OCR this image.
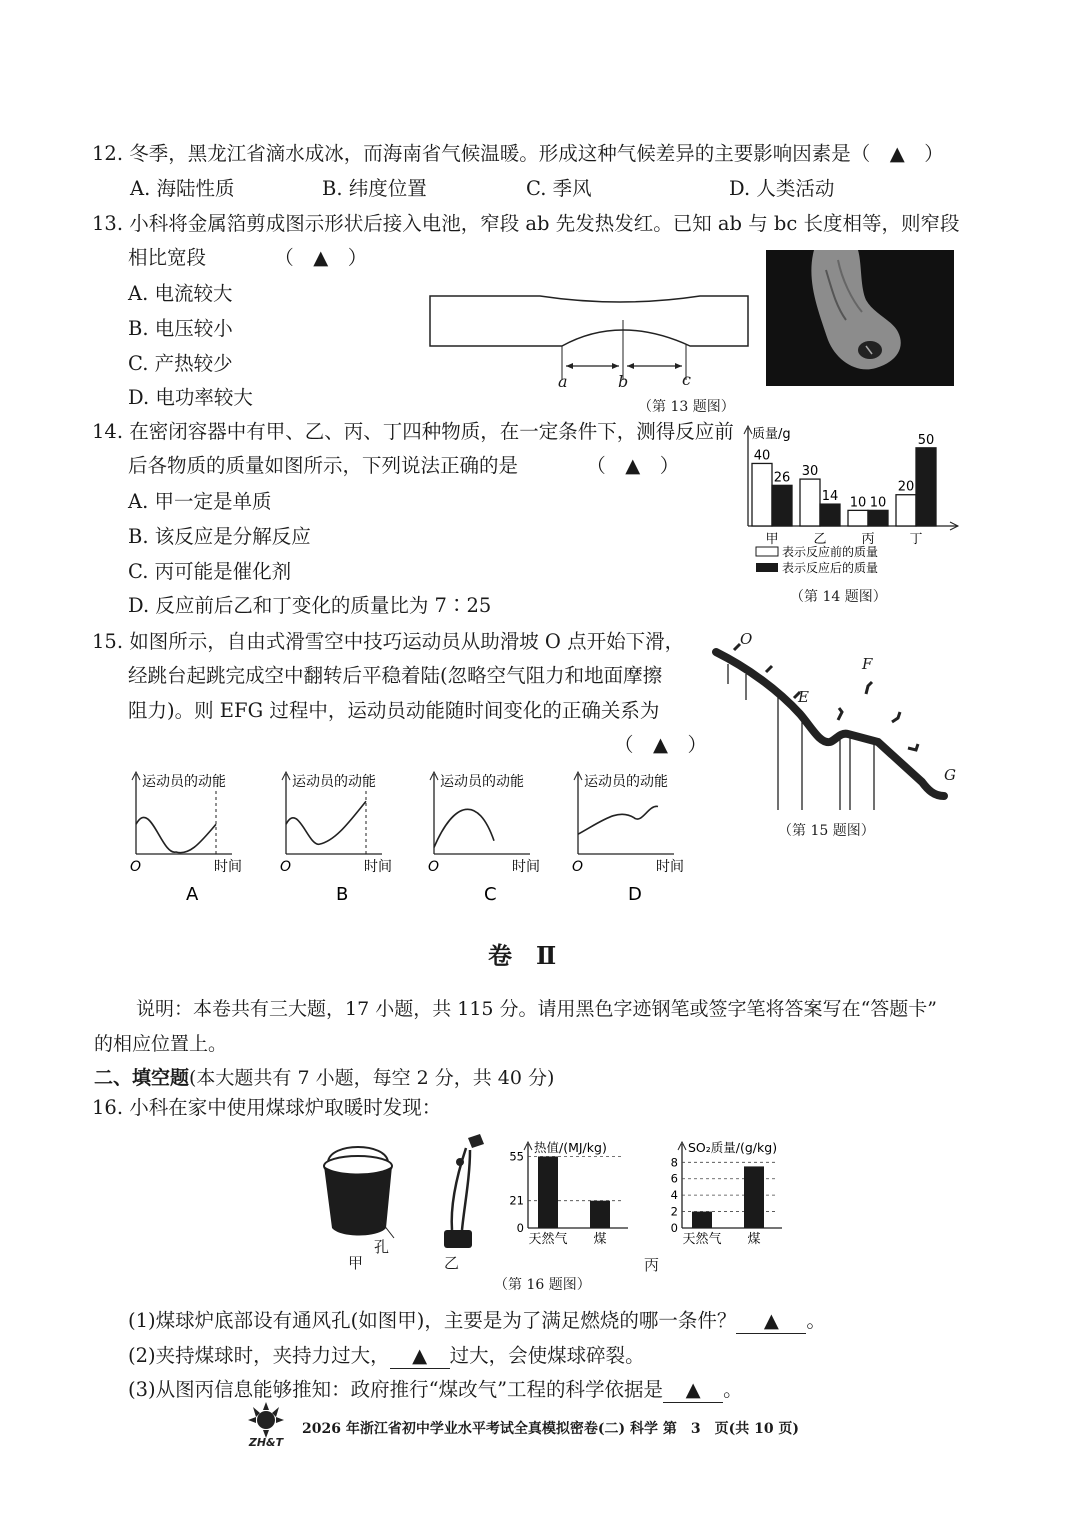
12. 冬季，黑龙江省滴水成冰，而海南省气候温暖。形成这种气候差异的主要影响因素是（　▲　）
A. 海陆性质	B. 纬度位置	C. 季风	D. 人类活动
13. 小科将金属箔剪成图示形状后接入电池，窄段 ab 先发热发红。已知 ab 与 bc 长度相等，则窄段
相比宽段　　　　（　▲　）
A. 电流较大
B. 电压较小
C. 产热较少
D. 电功率较大
a	b	c
（第 13 题图）
14. 在密闭容器中有甲、乙、丙、丁四种物质，在一定条件下，测得反应前
后各物质的质量如图所示，下列说法正确的是　　　　（　▲　）
A. 甲一定是单质
B. 该反应是分解反应
C. 丙可能是催化剂
D. 反应前后乙和丁变化的质量比为 7∶25
质量/g
40
26
甲
30
14
乙
10 10
丙
20
50
丁
表示反应前的质量
表示反应后的质量
（第 14 题图）
15. 如图所示，自由式滑雪空中技巧运动员从助滑坡 O 点开始下滑，
经跳台起跳完成空中翻转后平稳着陆(忽略空气阻力和地面摩擦
阻力)。则 EFG 过程中，运动员动能随时间变化的正确关系为
（　▲　）
运动员的动能
O	时间
A
运动员的动能
O	时间
B
运动员的动能
O	时间
C
运动员的动能
O	时间
D
O
E
F
G
（第 15 题图）
卷　Ⅱ
说明：本卷共有三大题，17 小题，共 115 分。请用黑色字迹钢笔或签字笔将答案写在“答题卡”
的相应位置上。
二、填空题(本大题共有 7 小题，每空 2 分，共 40 分)
16. 小科在家中使用煤球炉取暖时发现：
孔
甲	乙
热值/(MJ/kg)
0
21
55
天然气 煤
SO₂质量/(g/kg)
0
2
4
6
8
天然气 煤
丙
（第 16 题图）
(1)煤球炉底部设有通风孔(如图甲)，主要是为了满足燃烧的哪一条件？ ▲ 。
(2)夹持煤球时，夹持力过大， ▲ 过大，会使煤球碎裂。
(3)从图丙信息能够推知：政府推行“煤改气”工程的科学依据是 ▲ 。
ZH&T
2026 年浙江省初中学业水平考试全真模拟密卷(二) 科学 第　3　页(共 10 页)
